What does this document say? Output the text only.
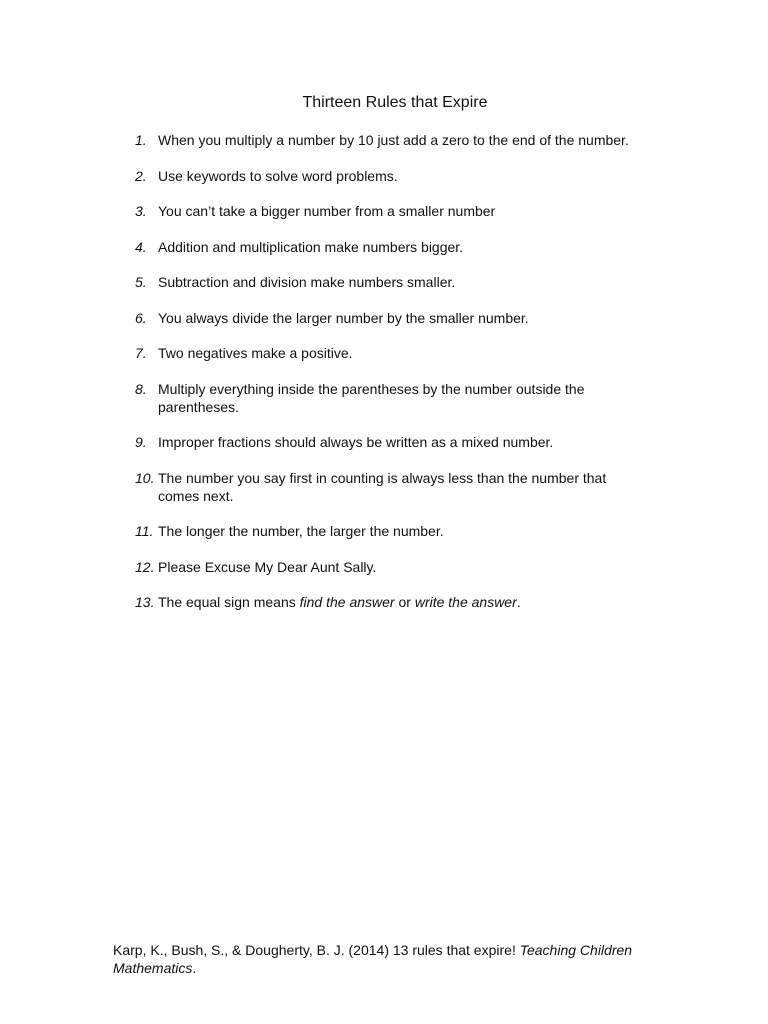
Thirteen Rules that Expire
1. When you multiply a number by 10 just add a zero to the end of the number.
2. Use keywords to solve word problems.
3. You can’t take a bigger number from a smaller number
4. Addition and multiplication make numbers bigger.
5. Subtraction and division make numbers smaller.
6. You always divide the larger number by the smaller number.
7. Two negatives make a positive.
8. Multiply everything inside the parentheses by the number outside the parentheses.
9. Improper fractions should always be written as a mixed number.
10. The number you say first in counting is always less than the number that comes next.
11. The longer the number, the larger the number.
12. Please Excuse My Dear Aunt Sally.
13. The equal sign means find the answer or write the answer.
Karp, K., Bush, S., & Dougherty, B. J. (2014) 13 rules that expire! Teaching Children Mathematics.
